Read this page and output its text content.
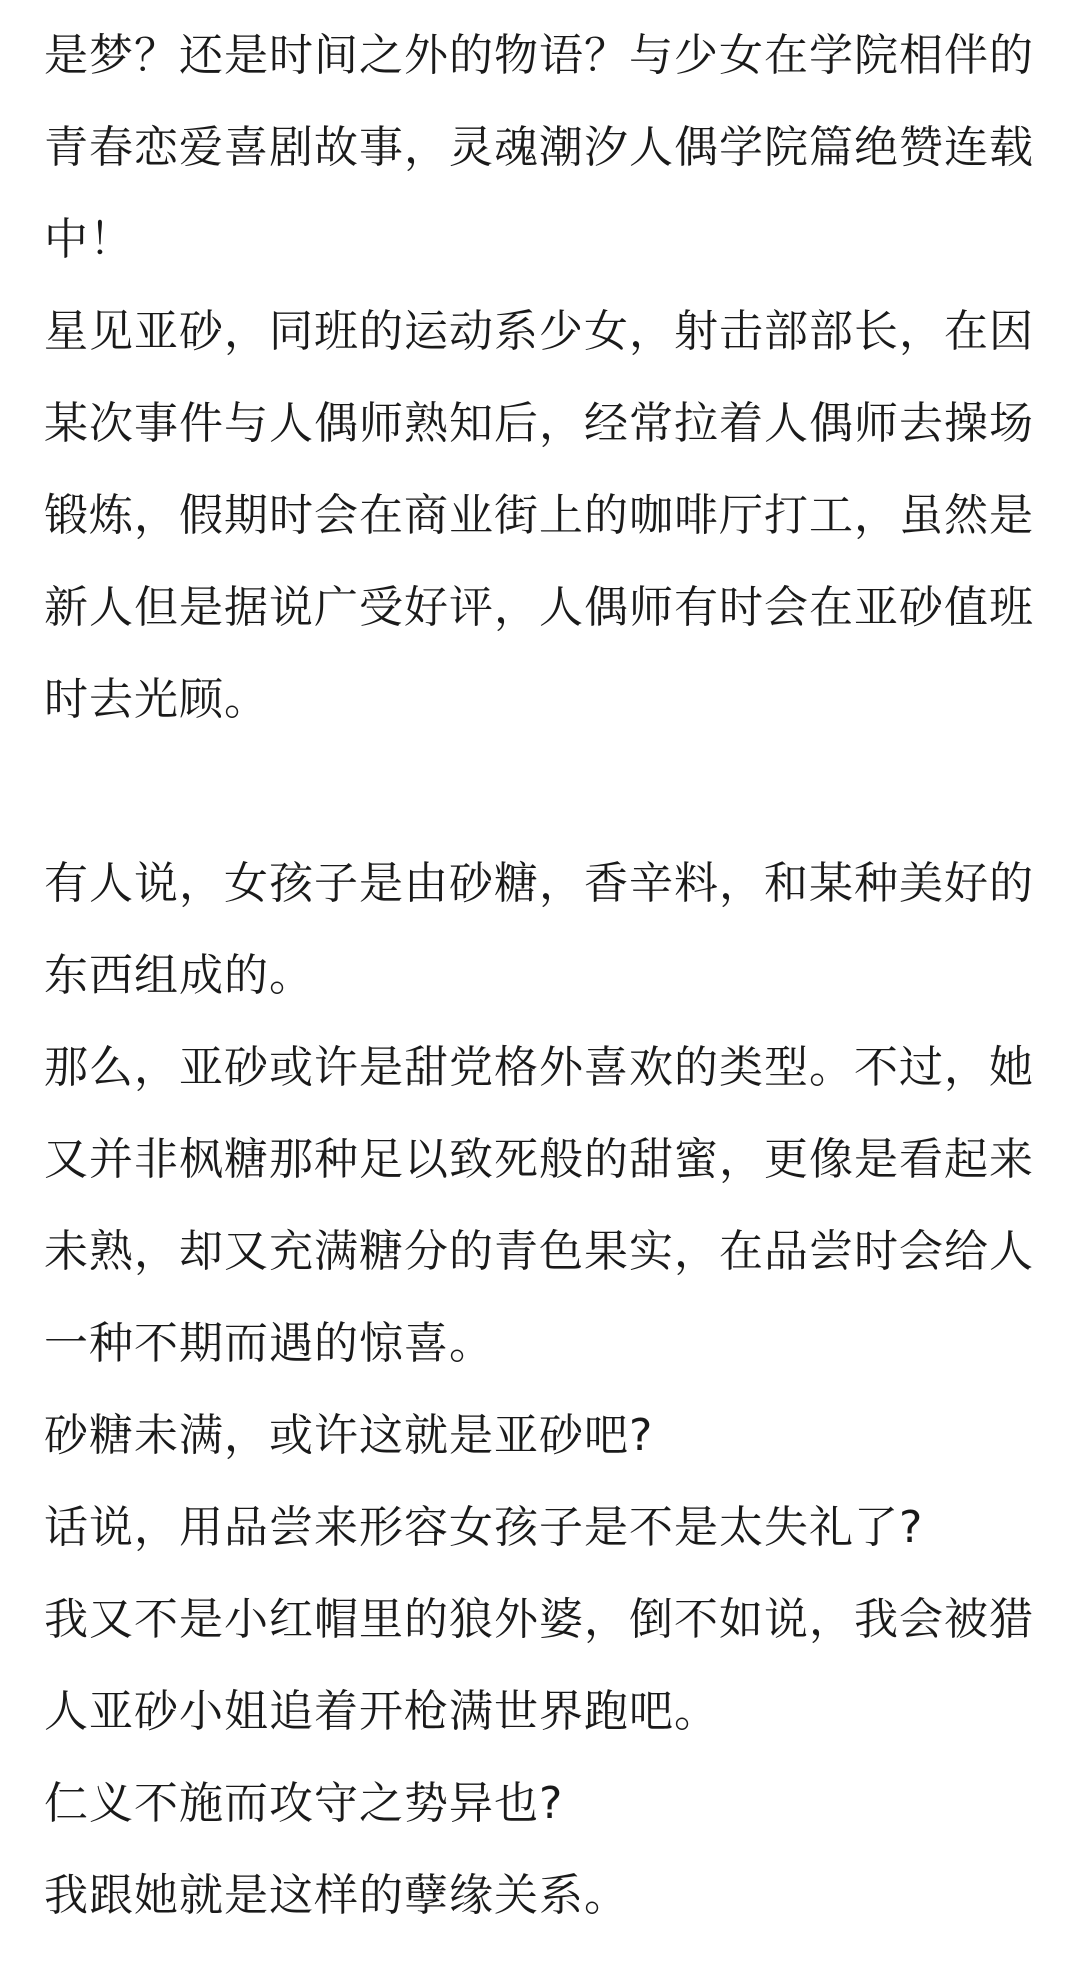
是梦？还是时间之外的物语？与少女在学院相伴的青春恋爱喜剧故事，灵魂潮汐人偶学院篇绝赞连载中！

星见亚砂，同班的运动系少女，射击部部长，在因某次事件与人偶师熟知后，经常拉着人偶师去操场锻炼，假期时会在商业街上的咖啡厅打工，虽然是新人但是据说广受好评，人偶师有时会在亚砂值班时去光顾。

有人说，女孩子是由砂糖，香辛料，和某种美好的东西组成的。

那么，亚砂或许是甜党格外喜欢的类型。不过，她又并非枫糖那种足以致死般的甜蜜，更像是看起来未熟，却又充满糖分的青色果实，在品尝时会给人一种不期而遇的惊喜。

砂糖未满，或许这就是亚砂吧?

话说，用品尝来形容女孩子是不是太失礼了?

我又不是小红帽里的狼外婆，倒不如说，我会被猎人亚砂小姐追着开枪满世界跑吧。

仁义不施而攻守之势异也?

我跟她就是这样的孽缘关系。
